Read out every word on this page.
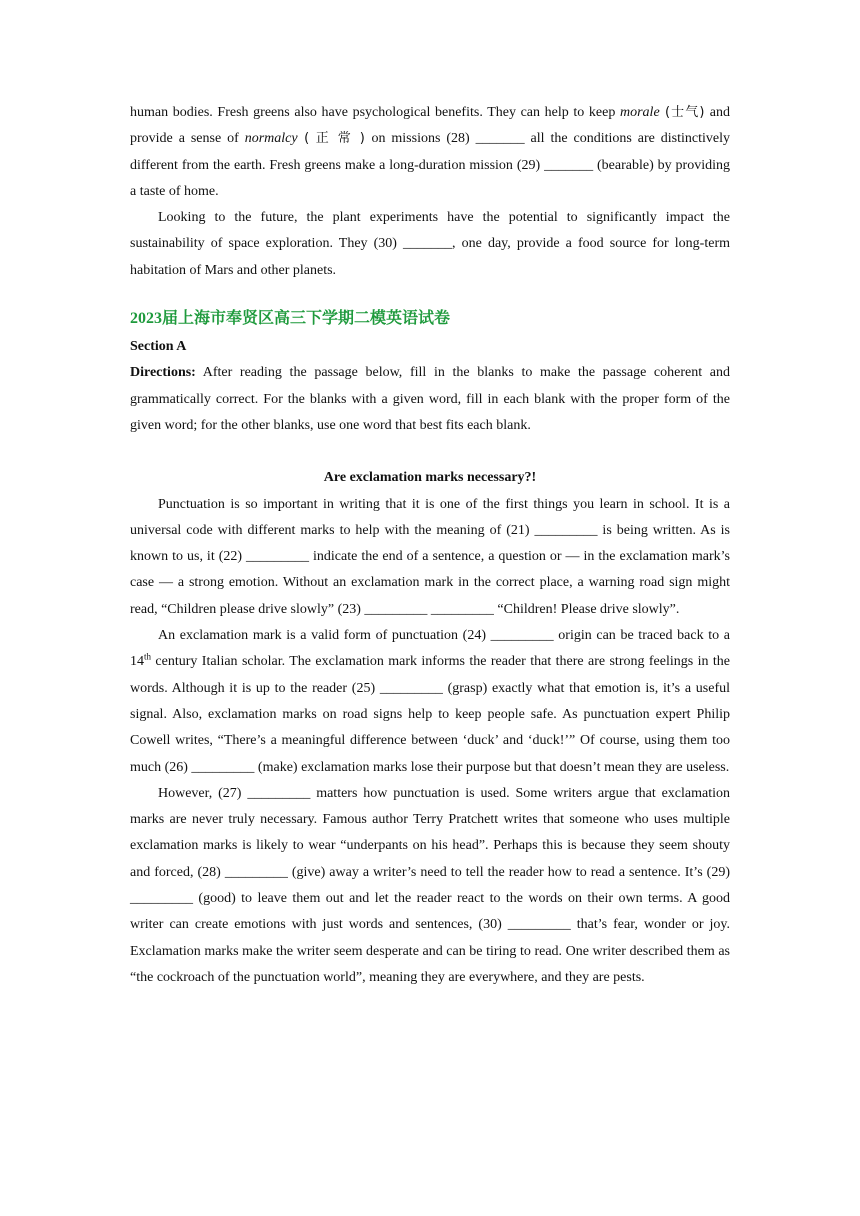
human bodies. Fresh greens also have psychological benefits. They can help to keep morale (士气) and provide a sense of normalcy ( 正 常 ) on missions (28) _______ all the conditions are distinctively different from the earth. Fresh greens make a long-duration mission (29) _______ (bearable) by providing a taste of home.

Looking to the future, the plant experiments have the potential to significantly impact the sustainability of space exploration. They (30) _______, one day, provide a food source for long-term habitation of Mars and other planets.

2023届上海市奉贤区高三下学期二模英语试卷

Section A

Directions: After reading the passage below, fill in the blanks to make the passage coherent and grammatically correct. For the blanks with a given word, fill in each blank with the proper form of the given word; for the other blanks, use one word that best fits each blank.

Are exclamation marks necessary?!

Punctuation is so important in writing that it is one of the first things you learn in school. It is a universal code with different marks to help with the meaning of (21) _________ is being written. As is known to us, it (22) _________ indicate the end of a sentence, a question or — in the exclamation mark’s case — a strong emotion. Without an exclamation mark in the correct place, a warning road sign might read, “Children please drive slowly” (23) _________ _________ “Children! Please drive slowly”.

An exclamation mark is a valid form of punctuation (24) _________ origin can be traced back to a 14th century Italian scholar. The exclamation mark informs the reader that there are strong feelings in the words. Although it is up to the reader (25) _________ (grasp) exactly what that emotion is, it’s a useful signal. Also, exclamation marks on road signs help to keep people safe. As punctuation expert Philip Cowell writes, “There’s a meaningful difference between ‘duck’ and ‘duck!’” Of course, using them too much (26) _________ (make) exclamation marks lose their purpose but that doesn’t mean they are useless.

However, (27) _________ matters how punctuation is used. Some writers argue that exclamation marks are never truly necessary. Famous author Terry Pratchett writes that someone who uses multiple exclamation marks is likely to wear “underpants on his head”. Perhaps this is because they seem shouty and forced, (28) _________ (give) away a writer’s need to tell the reader how to read a sentence. It’s (29) _________ (good) to leave them out and let the reader react to the words on their own terms. A good writer can create emotions with just words and sentences, (30) _________ that’s fear, wonder or joy. Exclamation marks make the writer seem desperate and can be tiring to read. One writer described them as “the cockroach of the punctuation world”, meaning they are everywhere, and they are pests.
